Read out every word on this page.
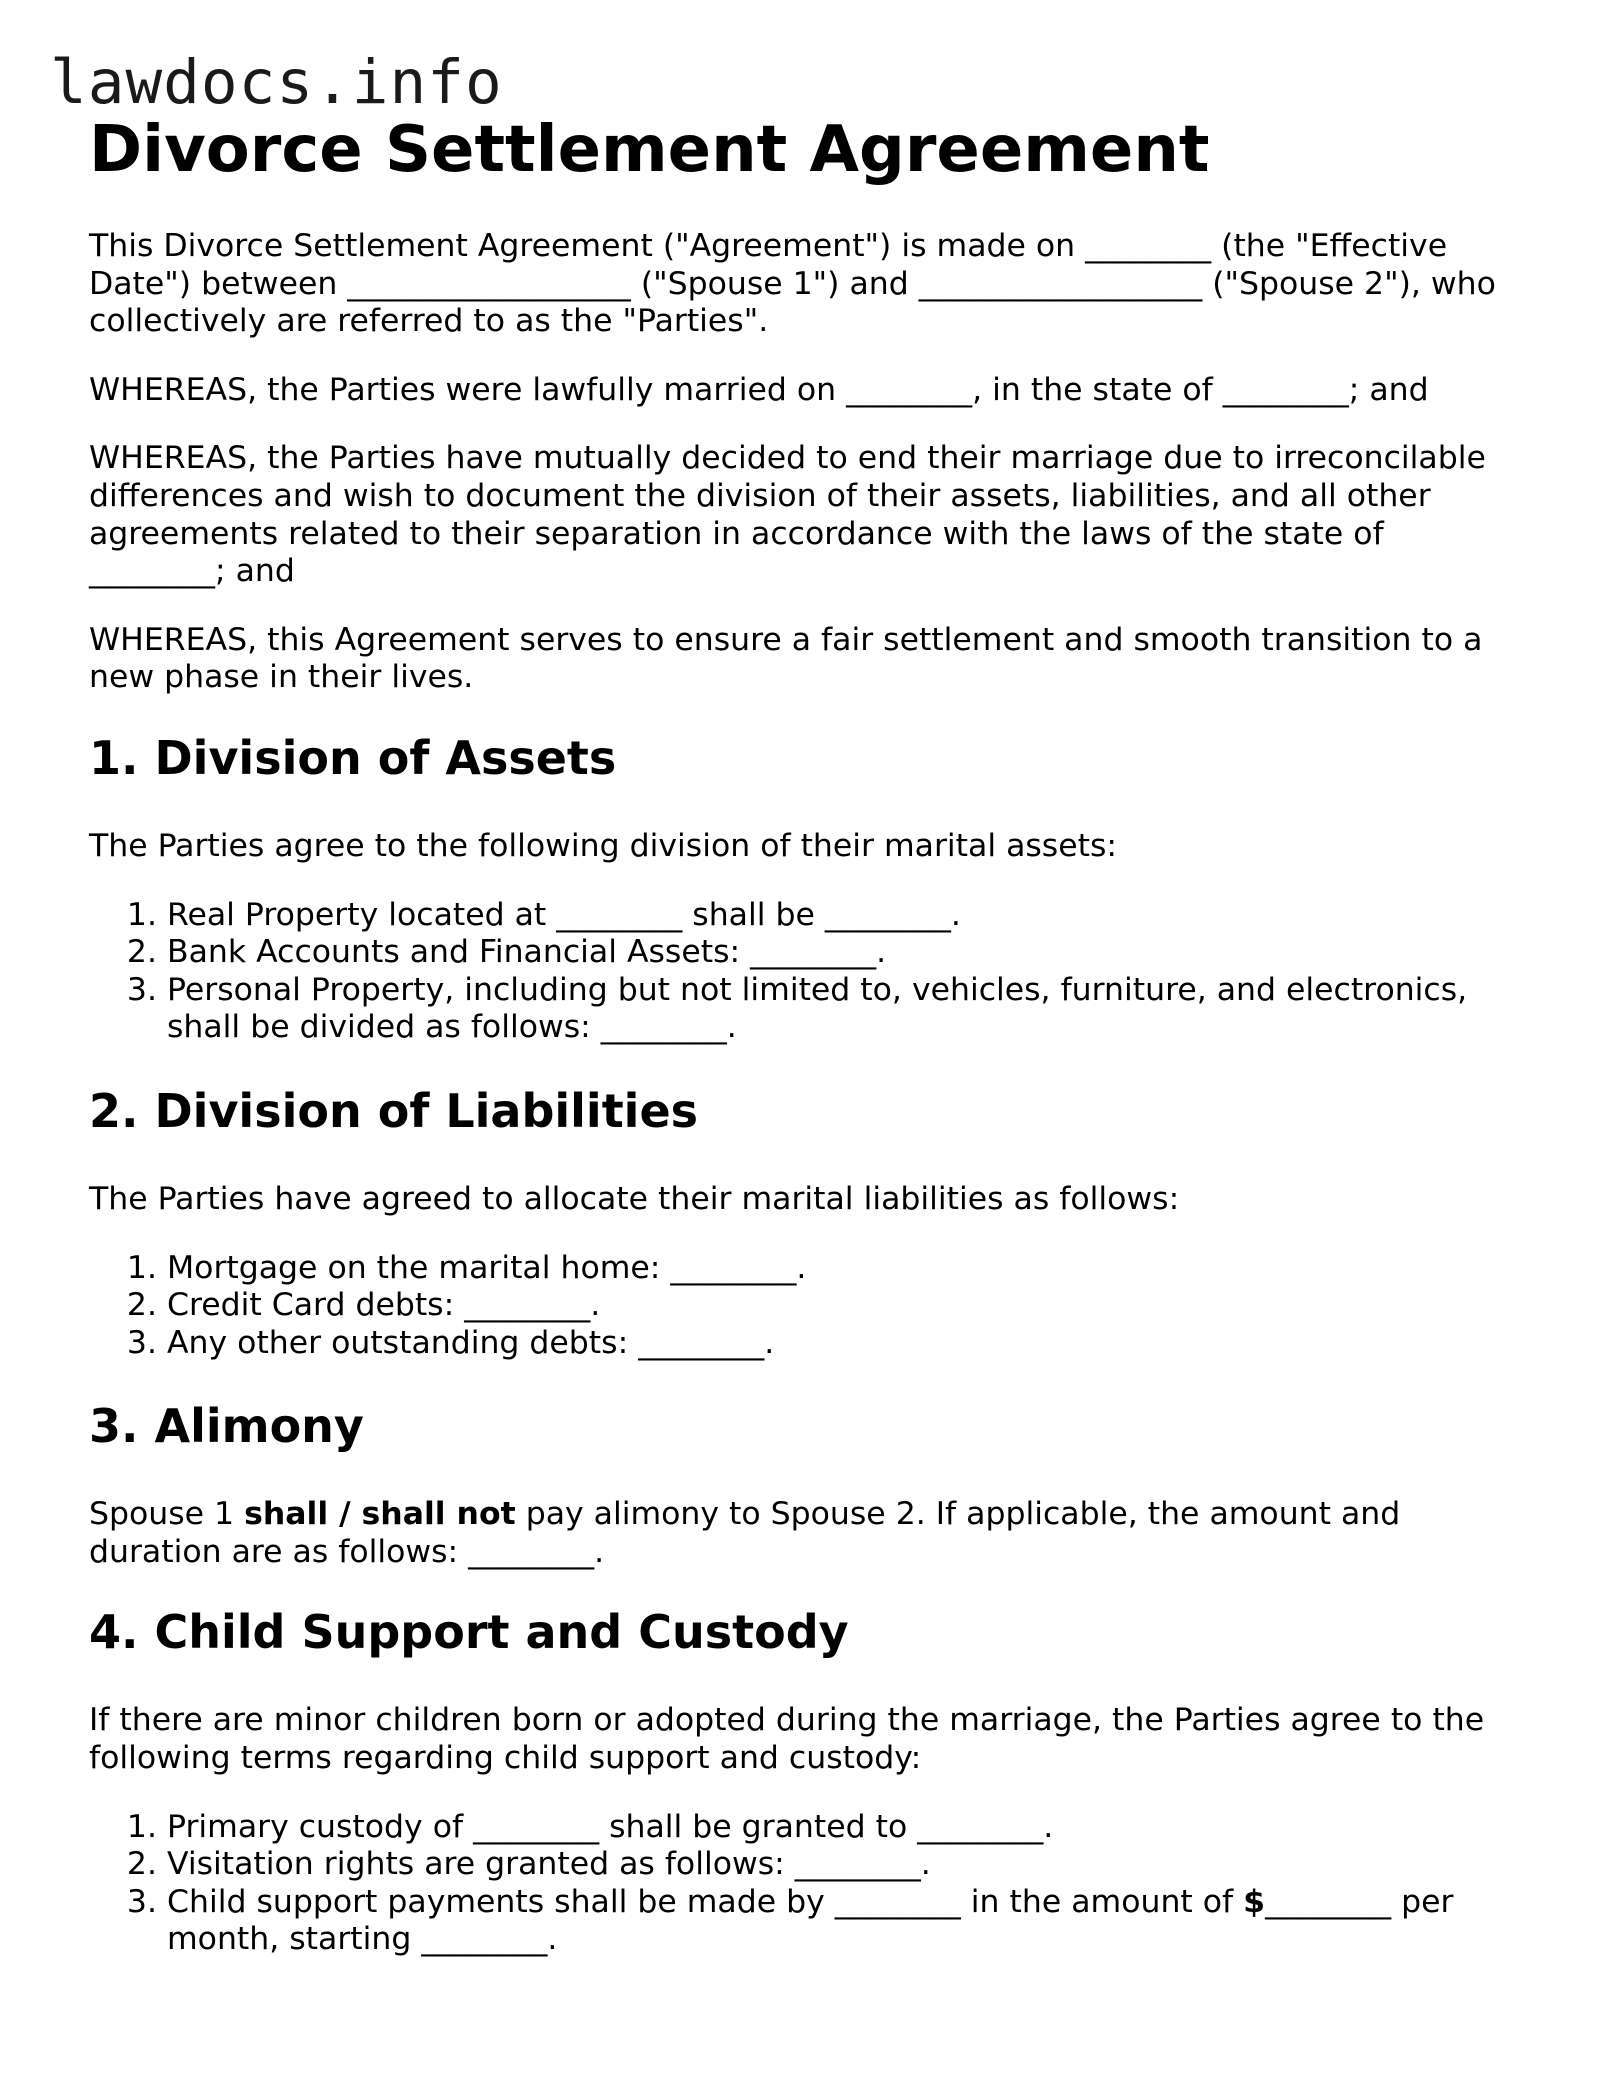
lawdocs.info
Divorce Settlement Agreement

This Divorce Settlement Agreement ("Agreement") is made on ________ (the "Effective Date") between __________________ ("Spouse 1") and __________________ ("Spouse 2"), who collectively are referred to as the "Parties".

WHEREAS, the Parties were lawfully married on ________, in the state of ________; and

WHEREAS, the Parties have mutually decided to end their marriage due to irreconcilable differences and wish to document the division of their assets, liabilities, and all other agreements related to their separation in accordance with the laws of the state of ________; and

WHEREAS, this Agreement serves to ensure a fair settlement and smooth transition to a new phase in their lives.

1. Division of Assets

The Parties agree to the following division of their marital assets:

1. Real Property located at ________ shall be ________.
2. Bank Accounts and Financial Assets: ________.
3. Personal Property, including but not limited to, vehicles, furniture, and electronics, shall be divided as follows: ________.
2. Division of Liabilities

The Parties have agreed to allocate their marital liabilities as follows:

1. Mortgage on the marital home: ________.
2. Credit Card debts: ________.
3. Any other outstanding debts: ________.
3. Alimony

Spouse 1 shall / shall not pay alimony to Spouse 2. If applicable, the amount and duration are as follows: ________.

4. Child Support and Custody

If there are minor children born or adopted during the marriage, the Parties agree to the following terms regarding child support and custody:

1. Primary custody of ________ shall be granted to ________.
2. Visitation rights are granted as follows: ________.
3. Child support payments shall be made by ________ in the amount of $________ per month, starting ________.
